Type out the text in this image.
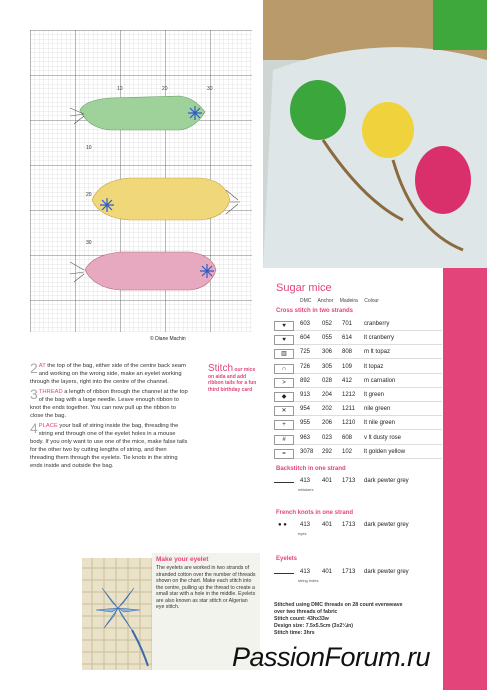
10	20	30
10
20
30
© Diane Machin
Sugar mice
DMC Anchor Madeira Colour
Cross stitch in two strands
♥	603 052 701 cranberry
♥	604 055 614 lt cranberry
▥	725 306 808 m lt topaz
∩	726 305 109 lt topaz
>	892 028 412 m carnation
◆	913 204 1212 lt green
✕	954 202 1211 nile green
+	955 206 1210 lt nile green
#	963 023 608 v lt dusty rose
=	3078 292 102 lt golden yellow
Backstitch in one strand
413 401 1713 dark pewter grey
whiskers
French knots in one strand
● ● 413 401 1713 dark pewter grey
eyes
Eyelets
413 401 1713 dark pewter grey
string holes
Stitched using DMC threads on 28 count evenweave
over two threads of fabric
Stitch count: 43hx33w
Design size: 7.5x5.5cm (3x2¼in)
Stitch time: 3hrs
2 AT the top of the bag, either side of the centre back seam and working on the wrong side, make an eyelet working through the layers, right into the centre of the channel.
3 THREAD a length of ribbon through the channel at the top of the bag with a large needle. Leave enough ribbon to knot the ends together. You can now pull up the ribbon to close the bag.
4 PLACE your ball of string inside the bag, threading the string end through one of the eyelet holes in a mouse body. If you only want to use one of the mice, make false tails for the other two by cutting lengths of string, and then threading them through the eyelets. Tie knots in the string ends inside and outside the bag.
Stitch our mice on aida and add ribbon tails for a fun third birthday card
Make your eyelet
The eyelets are worked in two strands of stranded cotton over the number of threads shown on the chart. Make each stitch into the centre, pulling up the thread to create a small star with a hole in the middle. Eyelets are also known as star stitch or Algerian eye stitch.
PassionForum.ru
